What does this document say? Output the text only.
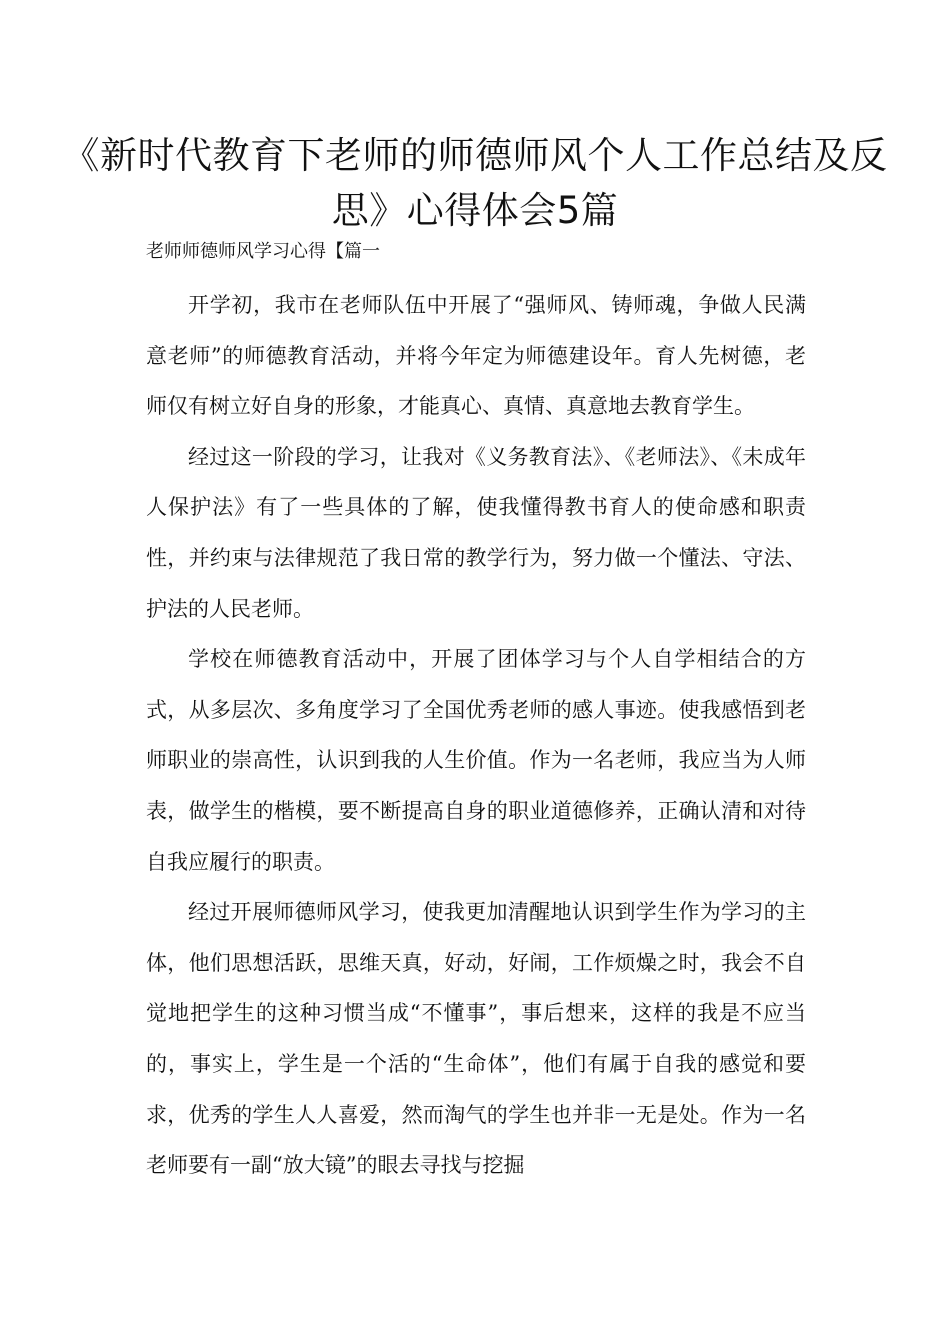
《新时代教育下老师的师德师风个人工作总结及反思》心得体会5篇
老师师德师风学习心得【篇一

开学初，我市在老师队伍中开展了“强师风、铸师魂，争做人民满意老师”的师德教育活动，并将今年定为师德建设年。育人先树德，老师仅有树立好自身的形象，才能真心、真情、真意地去教育学生。

经过这一阶段的学习，让我对《义务教育法》、《老师法》、《未成年人保护法》有了一些具体的了解，使我懂得教书育人的使命感和职责性，并约束与法律规范了我日常的教学行为，努力做一个懂法、守法、护法的人民老师。

学校在师德教育活动中，开展了团体学习与个人自学相结合的方式，从多层次、多角度学习了全国优秀老师的感人事迹。使我感悟到老师职业的崇高性，认识到我的人生价值。作为一名老师，我应当为人师表，做学生的楷模，要不断提高自身的职业道德修养，正确认清和对待自我应履行的职责。

经过开展师德师风学习，使我更加清醒地认识到学生作为学习的主体，他们思想活跃，思维天真，好动，好闹，工作烦燥之时，我会不自觉地把学生的这种习惯当成“不懂事”，事后想来，这样的我是不应当的，事实上，学生是一个活的“生命体”，他们有属于自我的感觉和要求，优秀的学生人人喜爱，然而淘气的学生也并非一无是处。作为一名老师要有一副“放大镜”的眼去寻找与挖掘
